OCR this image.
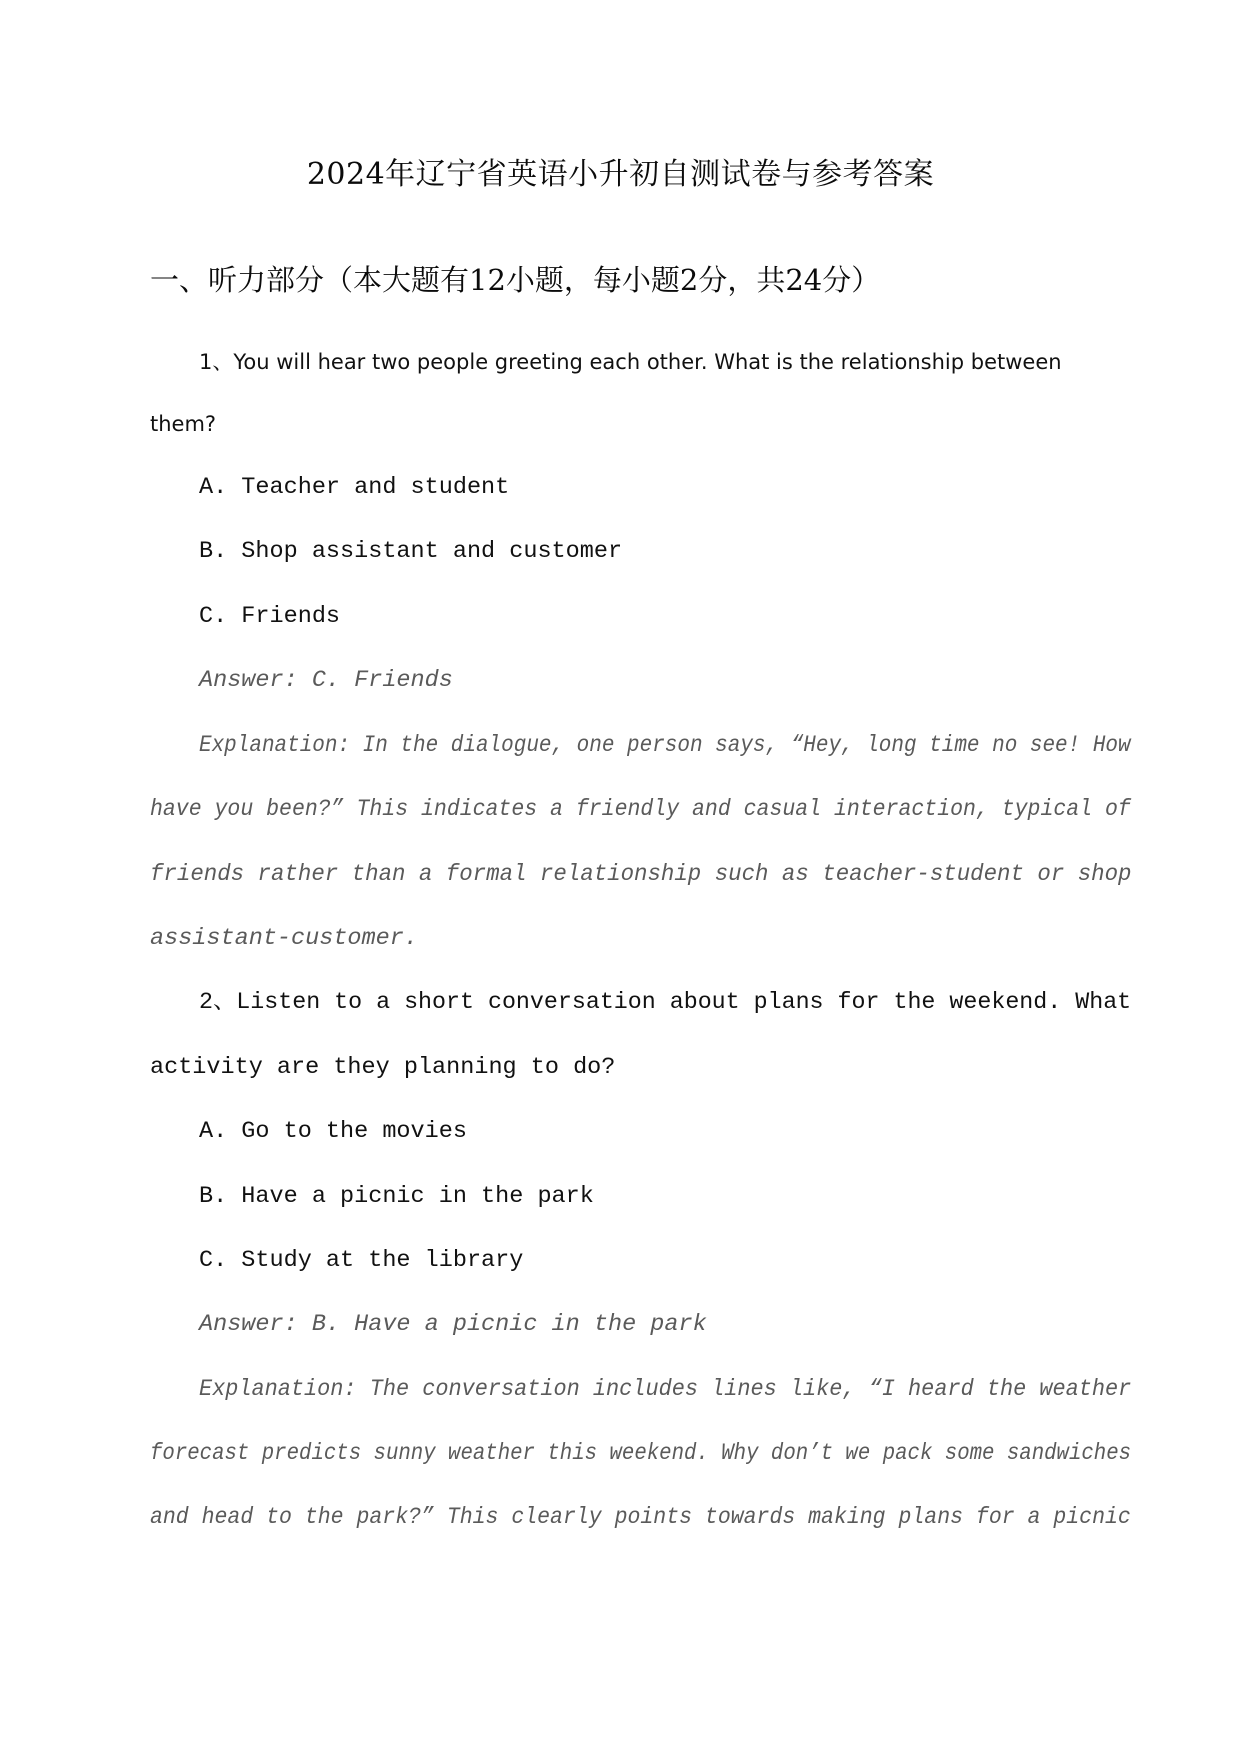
2024年辽宁省英语小升初自测试卷与参考答案
一、听力部分（本大题有12小题，每小题2分，共24分）
1、You will hear two people greeting each other. What is the relationship between
them?
A. Teacher and student
B. Shop assistant and customer
C. Friends
Answer: C. Friends
Explanation: In the dialogue, one person says, “Hey, long time no see! How
have you been?” This indicates a friendly and casual interaction, typical of
friends rather than a formal relationship such as teacher-student or shop
assistant-customer.
2、Listen to a short conversation about plans for the weekend. What
activity are they planning to do?
A. Go to the movies
B. Have a picnic in the park
C. Study at the library
Answer: B. Have a picnic in the park
Explanation: The conversation includes lines like, “I heard the weather
forecast predicts sunny weather this weekend. Why don’t we pack some sandwiches
and head to the park?” This clearly points towards making plans for a picnic
